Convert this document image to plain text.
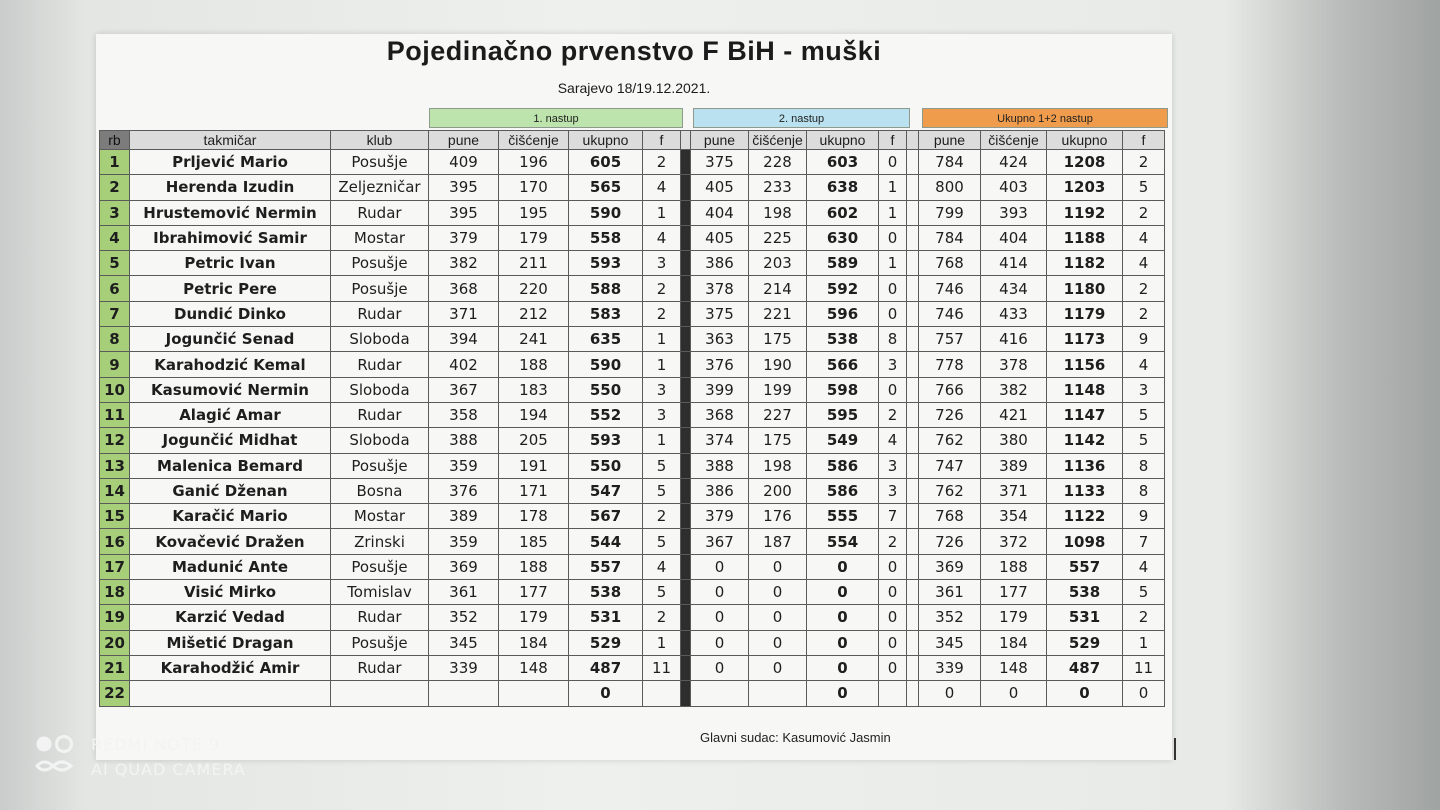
Pojedinačno prvenstvo F BiH - muški
Sarajevo 18/19.12.2021.
1. nastup	2. nastup	Ukupno 1+2 nastup
rb	takmičar	klub	pune	čišćenje	ukupno	f		pune	čišćenje	ukupno	f		pune	čišćenje	ukupno	f
1	Prljević Mario	Posušje	409	196	605	2		375	228	603	0		784	424	1208	2
2	Herenda Izudin	Zeljezničar	395	170	565	4		405	233	638	1		800	403	1203	5
3	Hrustemović Nermin	Rudar	395	195	590	1		404	198	602	1		799	393	1192	2
4	Ibrahimović Samir	Mostar	379	179	558	4		405	225	630	0		784	404	1188	4
5	Petric Ivan	Posušje	382	211	593	3		386	203	589	1		768	414	1182	4
6	Petric Pere	Posušje	368	220	588	2		378	214	592	0		746	434	1180	2
7	Dundić Dinko	Rudar	371	212	583	2		375	221	596	0		746	433	1179	2
8	Jogunčić Senad	Sloboda	394	241	635	1		363	175	538	8		757	416	1173	9
9	Karahodzić Kemal	Rudar	402	188	590	1		376	190	566	3		778	378	1156	4
10	Kasumović Nermin	Sloboda	367	183	550	3		399	199	598	0		766	382	1148	3
11	Alagić Amar	Rudar	358	194	552	3		368	227	595	2		726	421	1147	5
12	Jogunčić Midhat	Sloboda	388	205	593	1		374	175	549	4		762	380	1142	5
13	Malenica Bemard	Posušje	359	191	550	5		388	198	586	3		747	389	1136	8
14	Ganić Dženan	Bosna	376	171	547	5		386	200	586	3		762	371	1133	8
15	Karačić Mario	Mostar	389	178	567	2		379	176	555	7		768	354	1122	9
16	Kovačević Dražen	Zrinski	359	185	544	5		367	187	554	2		726	372	1098	7
17	Madunić Ante	Posušje	369	188	557	4		0	0	0	0		369	188	557	4
18	Visić Mirko	Tomislav	361	177	538	5		0	0	0	0		361	177	538	5
19	Karzić Vedad	Rudar	352	179	531	2		0	0	0	0		352	179	531	2
20	Mišetić Dragan	Posušje	345	184	529	1		0	0	0	0		345	184	529	1
21	Karahodžić Amir	Rudar	339	148	487	11		0	0	0	0		339	148	487	11
22					0					0			0	0	0	0
Glavni sudac: Kasumović Jasmin
REDMI NOTE 9
AI QUAD CAMERA
